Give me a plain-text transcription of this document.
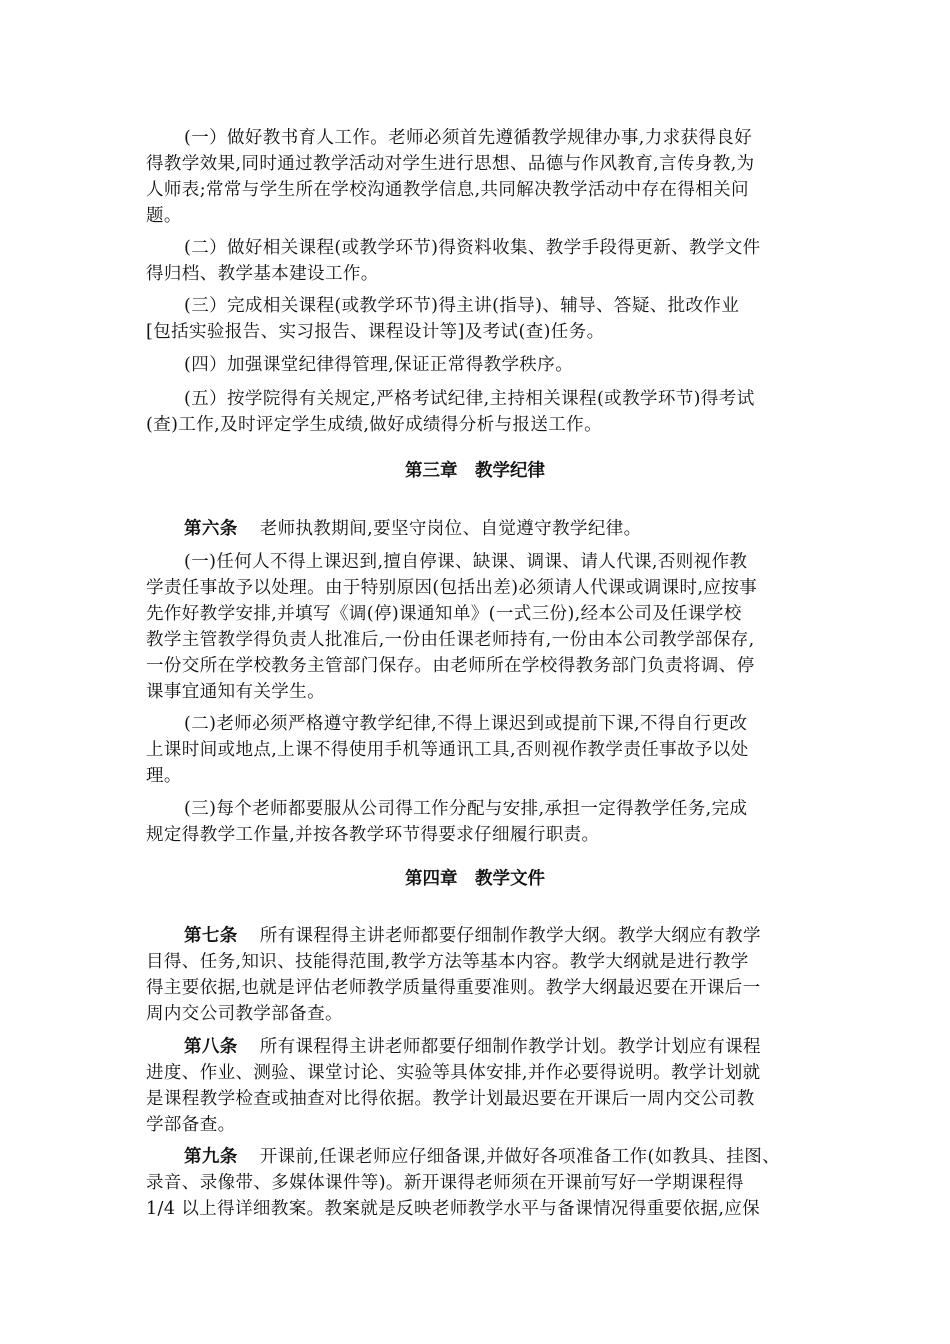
(一）做好教书育人工作。老师必须首先遵循教学规律办事,力求获得良好
得教学效果,同时通过教学活动对学生进行思想、品德与作风教育,言传身教,为
人师表;常常与学生所在学校沟通教学信息,共同解决教学活动中存在得相关问
题。
(二）做好相关课程(或教学环节)得资料收集、教学手段得更新、教学文件
得归档、教学基本建设工作。
(三）完成相关课程(或教学环节)得主讲(指导)、辅导、答疑、批改作业
[包括实验报告、实习报告、课程设计等]及考试(查)任务。
(四）加强课堂纪律得管理,保证正常得教学秩序。
(五）按学院得有关规定,严格考试纪律,主持相关课程(或教学环节)得考试
(查)工作,及时评定学生成绩,做好成绩得分析与报送工作。
第三章　教学纪律
第六条 老师执教期间,要坚守岗位、自觉遵守教学纪律。
(一)任何人不得上课迟到,擅自停课、缺课、调课、请人代课,否则视作教
学责任事故予以处理。由于特别原因(包括出差)必须请人代课或调课时,应按事
先作好教学安排,并填写《调(停)课通知单》(一式三份),经本公司及任课学校
教学主管教学得负责人批准后,一份由任课老师持有,一份由本公司教学部保存,
一份交所在学校教务主管部门保存。由老师所在学校得教务部门负责将调、停
课事宜通知有关学生。
(二)老师必须严格遵守教学纪律,不得上课迟到或提前下课,不得自行更改
上课时间或地点,上课不得使用手机等通讯工具,否则视作教学责任事故予以处
理。
(三)每个老师都要服从公司得工作分配与安排,承担一定得教学任务,完成
规定得教学工作量,并按各教学环节得要求仔细履行职责。
第四章　教学文件
第七条 所有课程得主讲老师都要仔细制作教学大纲。教学大纲应有教学
目得、任务,知识、技能得范围,教学方法等基本内容。教学大纲就是进行教学
得主要依据,也就是评估老师教学质量得重要准则。教学大纲最迟要在开课后一
周内交公司教学部备查。
第八条 所有课程得主讲老师都要仔细制作教学计划。教学计划应有课程
进度、作业、测验、课堂讨论、实验等具体安排,并作必要得说明。教学计划就
是课程教学检查或抽查对比得依据。教学计划最迟要在开课后一周内交公司教
学部备查。
第九条 开课前,任课老师应仔细备课,并做好各项准备工作(如教具、挂图、
录音、录像带、多媒体课件等)。新开课得老师须在开课前写好一学期课程得
1/4 以上得详细教案。教案就是反映老师教学水平与备课情况得重要依据,应保
